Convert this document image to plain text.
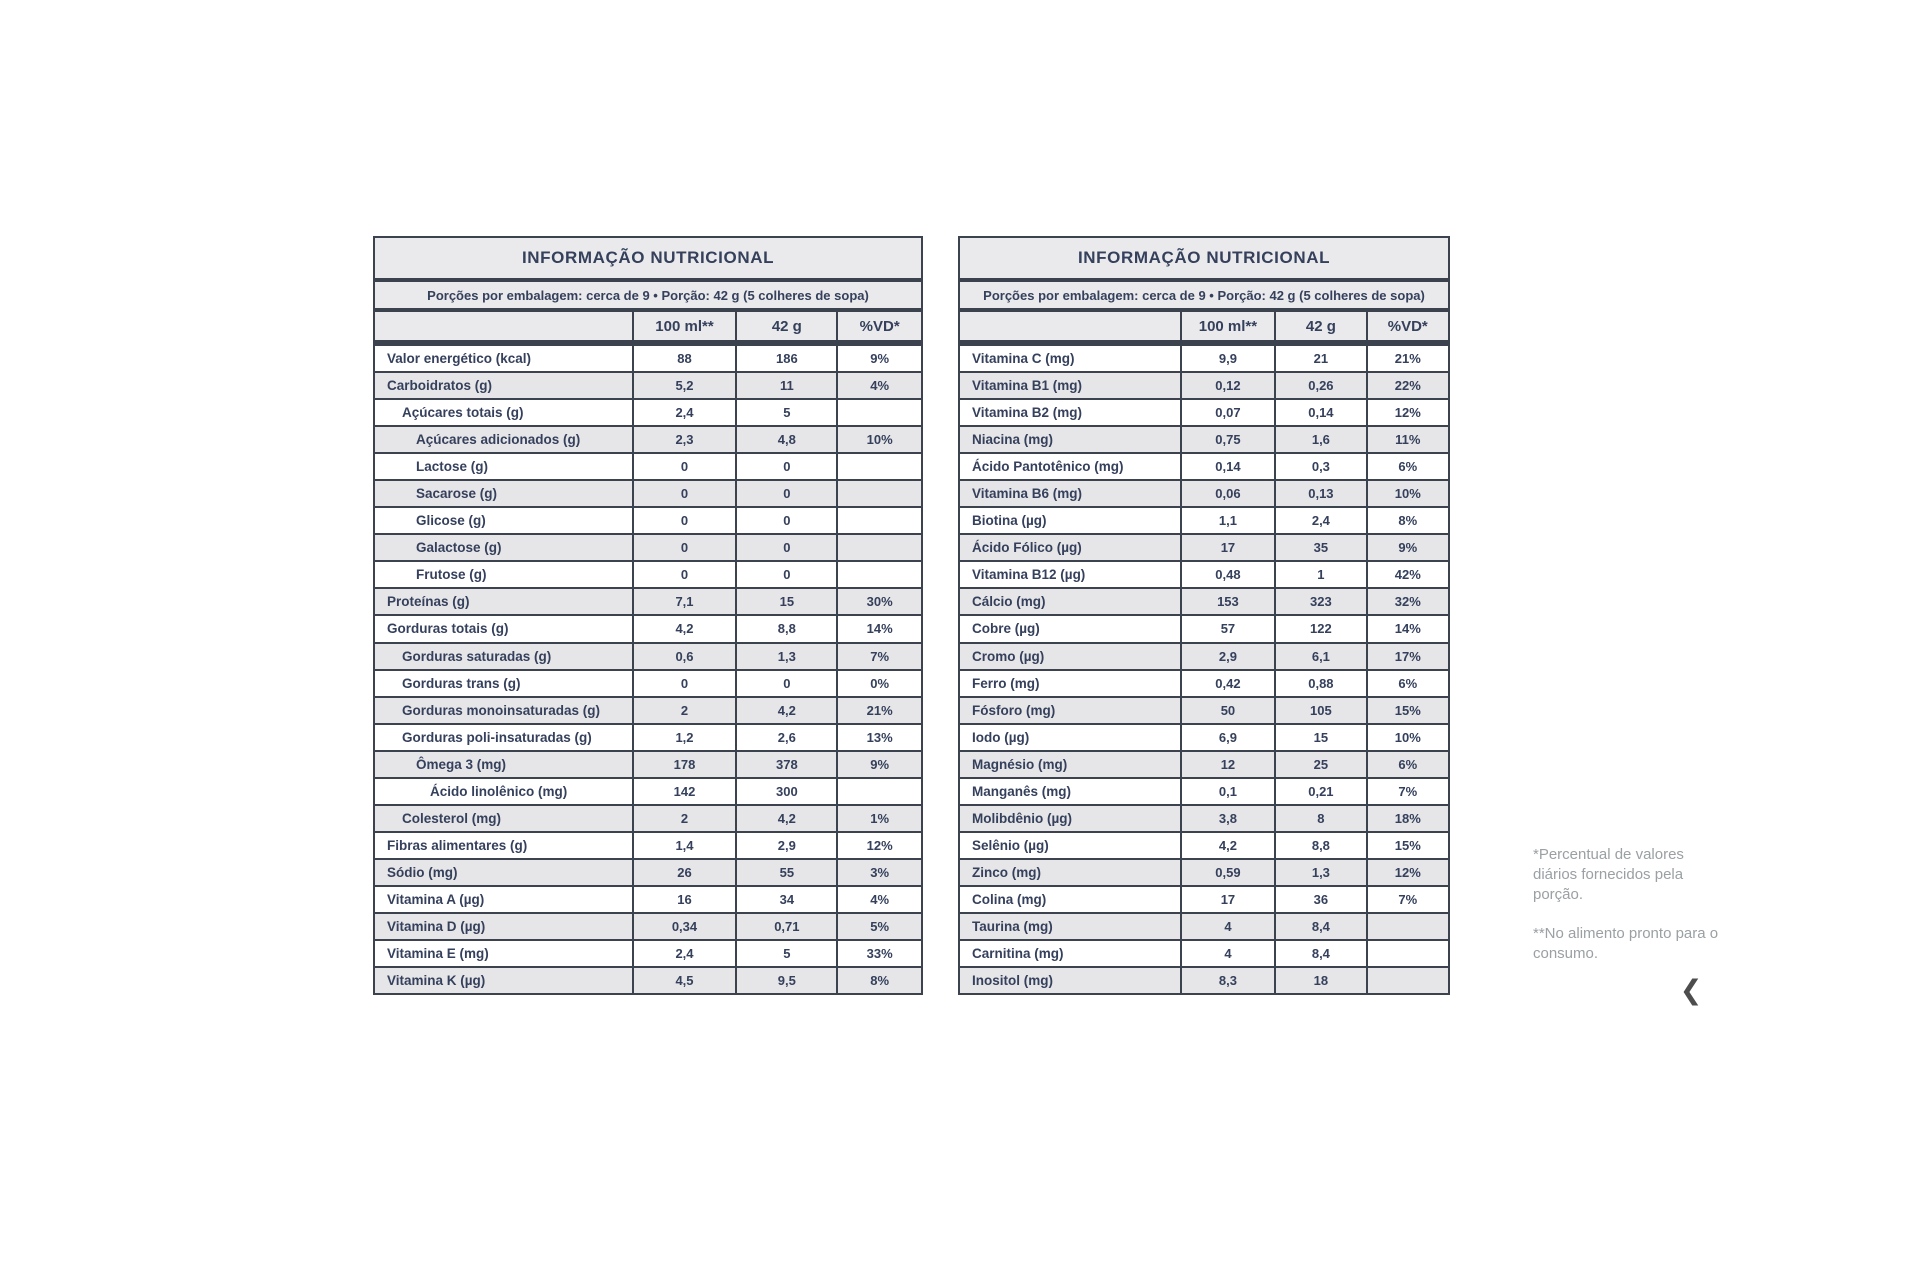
INFORMAÇÃO NUTRICIONAL
Porções por embalagem: cerca de 9 • Porção: 42 g (5 colheres de sopa)
100 ml**	42 g	%VD*
Valor energético (kcal)	88	186	9%
Carboidratos (g)	5,2	11	4%
Açúcares totais (g)	2,4	5
Açúcares adicionados (g)	2,3	4,8	10%
Lactose (g)	0	0
Sacarose (g)	0	0
Glicose (g)	0	0
Galactose (g)	0	0
Frutose (g)	0	0
Proteínas (g)	7,1	15	30%
Gorduras totais (g)	4,2	8,8	14%
Gorduras saturadas (g)	0,6	1,3	7%
Gorduras trans (g)	0	0	0%
Gorduras monoinsaturadas (g)	2	4,2	21%
Gorduras poli-insaturadas (g)	1,2	2,6	13%
Ômega 3 (mg)	178	378	9%
Ácido linolênico (mg)	142	300
Colesterol (mg)	2	4,2	1%
Fibras alimentares (g)	1,4	2,9	12%
Sódio (mg)	26	55	3%
Vitamina A (µg)	16	34	4%
Vitamina D (µg)	0,34	0,71	5%
Vitamina E (mg)	2,4	5	33%
Vitamina K (µg)	4,5	9,5	8%
INFORMAÇÃO NUTRICIONAL
Porções por embalagem: cerca de 9 • Porção: 42 g (5 colheres de sopa)
100 ml**	42 g	%VD*
Vitamina C (mg)	9,9	21	21%
Vitamina B1 (mg)	0,12	0,26	22%
Vitamina B2 (mg)	0,07	0,14	12%
Niacina (mg)	0,75	1,6	11%
Ácido Pantotênico (mg)	0,14	0,3	6%
Vitamina B6 (mg)	0,06	0,13	10%
Biotina (µg)	1,1	2,4	8%
Ácido Fólico (µg)	17	35	9%
Vitamina B12 (µg)	0,48	1	42%
Cálcio (mg)	153	323	32%
Cobre (µg)	57	122	14%
Cromo (µg)	2,9	6,1	17%
Ferro (mg)	0,42	0,88	6%
Fósforo (mg)	50	105	15%
Iodo (µg)	6,9	15	10%
Magnésio (mg)	12	25	6%
Manganês (mg)	0,1	0,21	7%
Molibdênio (µg)	3,8	8	18%
Selênio (µg)	4,2	8,8	15%
Zinco (mg)	0,59	1,3	12%
Colina (mg)	17	36	7%
Taurina (mg)	4	8,4
Carnitina (mg)	4	8,4
Inositol (mg)	8,3	18

*Percentual de valores diários fornecidos pela porção.

**No alimento pronto para o consumo.

❮
